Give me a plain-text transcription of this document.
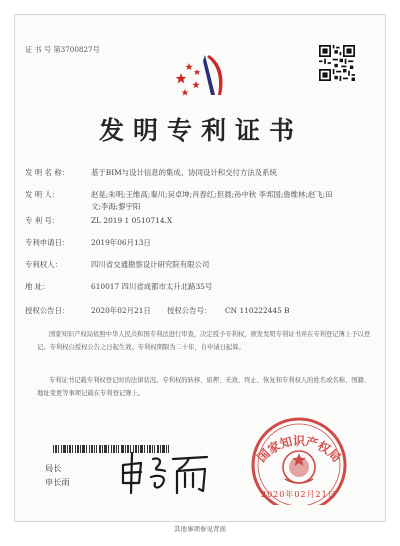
证 书 号 第3700827号
发明专利证书
发 明 名 称：	基于BIM与设计信息的集成、协同设计和交付方法及系统
发 明 人：	赵晃;朱明;王维高;秦川;吴卓坤;肖春红;但晨;孙中秋 李邦国;詹维林;赵飞;田文;李海;黎宇阳
专 利 号：	ZL 2019 1 0510714.X
专利申请日：	2019年06月13日
专利权人：	四川省交通勘察设计研究院有限公司
地 址：	610017 四川省成都市太升北路35号
授权公告日：	2020年02月21日	授权公告号：	CN 110222445 B

国家知识产权局依照中华人民共和国专利法进行审查，决定授予专利权，颁发发明专利证书并在专利登记簿上予以登记。专利权自授权公告之日起生效。专利权期限为二十年，自申请日起算。

专利证书记载专利权登记时的法律状况。专利权的转移、质押、无效、终止、恢复和专利权人的姓名或名称、国籍、地址变更等事项记载在专利登记簿上。

局长
申长雨
国家知识产权局
2020年02月21日
其他事项参见背面
